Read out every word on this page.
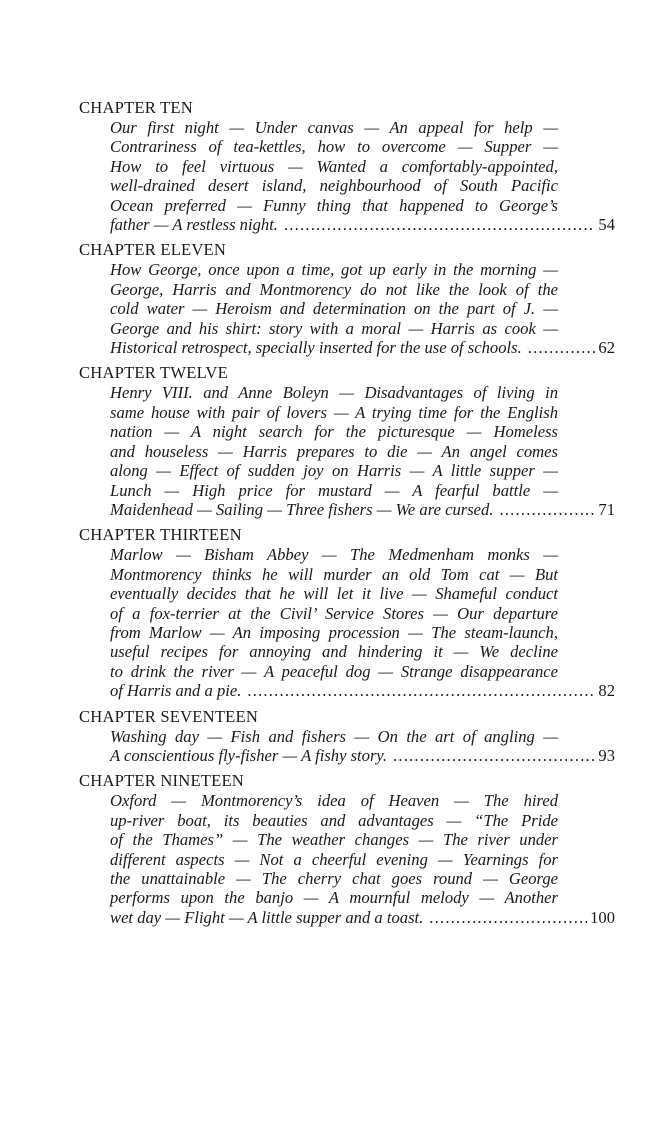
CHAPTER TEN
Our first night — Under canvas — An appeal for help —
Contrariness of tea-kettles, how to overcome — Supper —
How to feel virtuous — Wanted a comfortably-appointed,
well-drained desert island, neighbourhood of South Pacific
Ocean preferred — Funny thing that happened to George’s
father — A restless night. .....	54
CHAPTER ELEVEN
How George, once upon a time, got up early in the morning —
George, Harris and Montmorency do not like the look of the
cold water — Heroism and determination on the part of J. —
George and his shirt: story with a moral — Harris as cook —
Historical retrospect, specially inserted for the use of schools. .....	62
CHAPTER TWELVE
Henry VIII. and Anne Boleyn — Disadvantages of living in
same house with pair of lovers — A trying time for the English
nation — A night search for the picturesque — Homeless
and houseless — Harris prepares to die — An angel comes
along — Effect of sudden joy on Harris — A little supper —
Lunch — High price for mustard — A fearful battle —
Maidenhead — Sailing — Three fishers — We are cursed. .....	71
CHAPTER THIRTEEN
Marlow — Bisham Abbey — The Medmenham monks —
Montmorency thinks he will murder an old Tom cat — But
eventually decides that he will let it live — Shameful conduct
of a fox-terrier at the Civil’ Service Stores — Our departure
from Marlow — An imposing procession — The steam-launch,
useful recipes for annoying and hindering it — We decline
to drink the river — A peaceful dog — Strange disappearance
of Harris and a pie. .....	82
CHAPTER SEVENTEEN
Washing day — Fish and fishers — On the art of angling —
A conscientious fly-fisher — A fishy story. .....	93
CHAPTER NINETEEN
Oxford — Montmorency’s idea of Heaven — The hired
up-river boat, its beauties and advantages — “The Pride
of the Thames” — The weather changes — The river under
different aspects — Not a cheerful evening — Yearnings for
the unattainable — The cherry chat goes round — George
performs upon the banjo — A mournful melody — Another
wet day — Flight — A little supper and a toast. .....	100
